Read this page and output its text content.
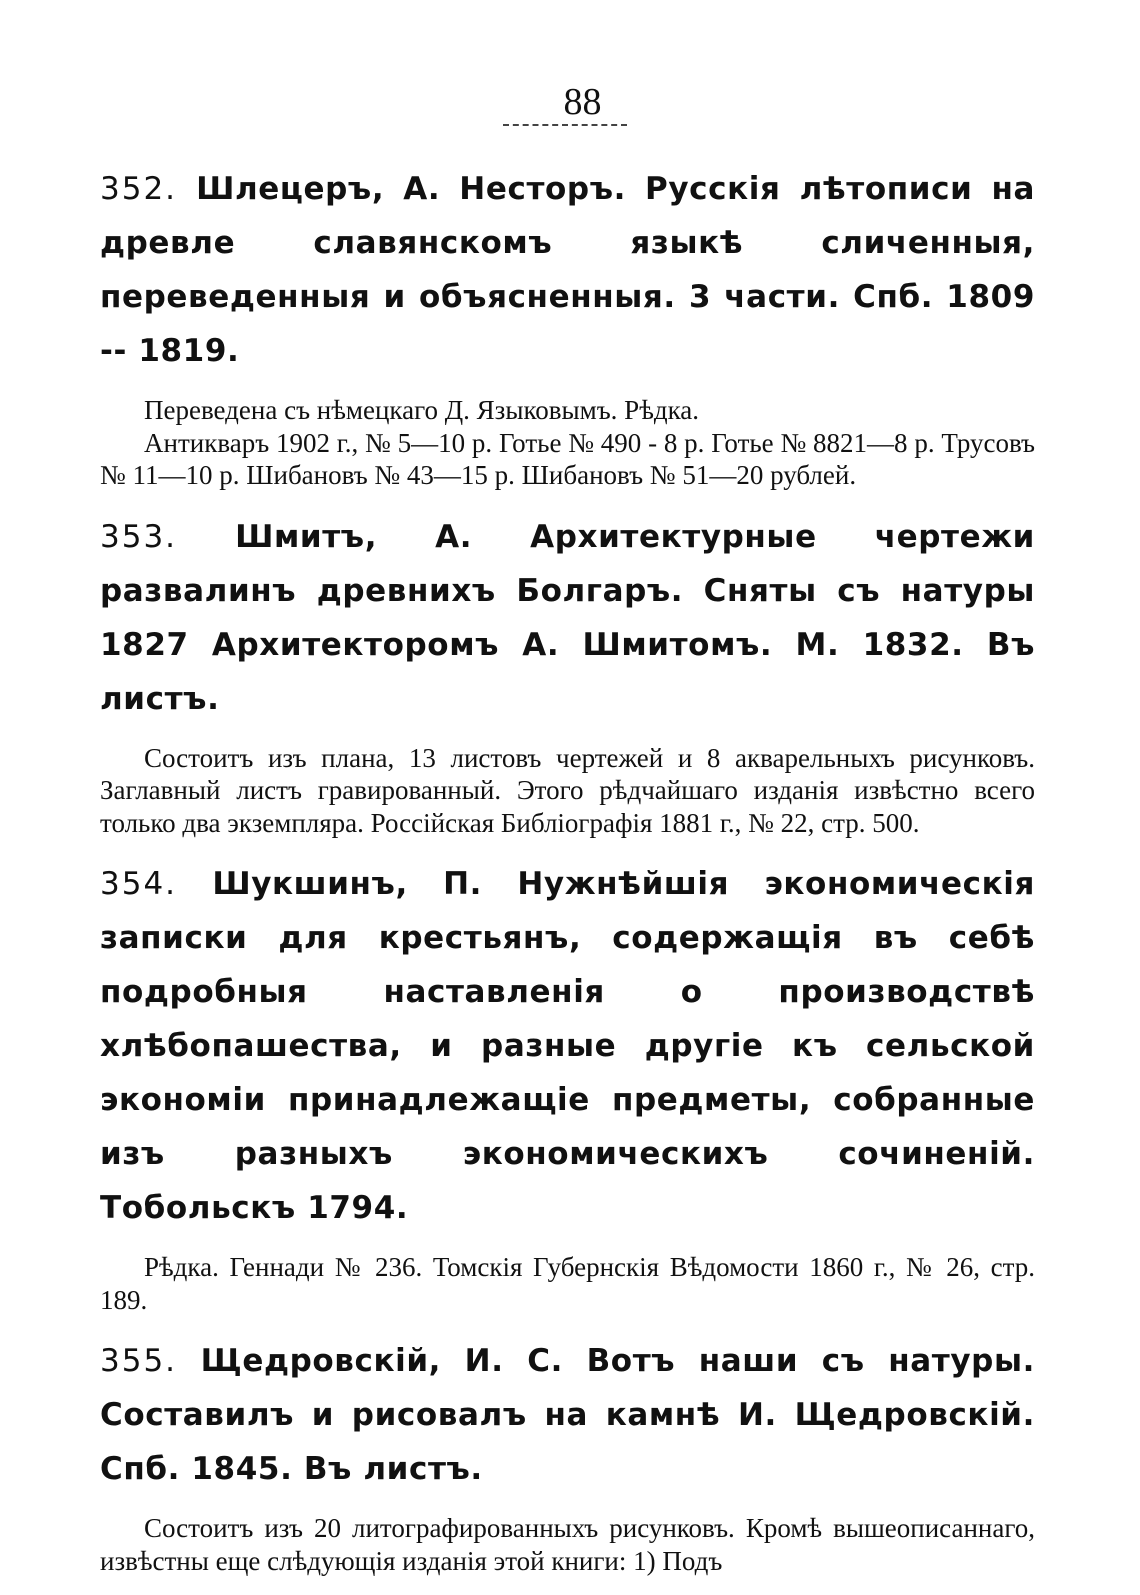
88

352. Шлецеръ, А. Несторъ. Русскія лѣтописи на древле славянскомъ языкѣ сличенныя, переведенныя и объясненныя. 3 части. Спб. 1809 -- 1819.

Переведена съ нѣмецкаго Д. Языковымъ. Рѣдка.

Антикваръ 1902 г., № 5—10 р. Готье № 490 - 8 р. Готье № 8821—8 р. Трусовъ № 11—10 р. Шибановъ № 43—15 р. Шибановъ № 51—20 рублей.

353. Шмитъ, А. Архитектурные чертежи развалинъ древнихъ Болгаръ. Сняты съ натуры 1827 Архитекторомъ А. Шмитомъ. М. 1832. Въ листъ.

Состоитъ изъ плана, 13 листовъ чертежей и 8 акварельныхъ рисунковъ. Заглавный листъ гравированный. Этого рѣдчайшаго изданія извѣстно всего только два экземпляра. Россійская Библіографія 1881 г., № 22, стр. 500.

354. Шукшинъ, П. Нужнѣйшія экономическія записки для крестьянъ, содержащія въ себѣ подробныя наставленія о производствѣ хлѣбопашества, и разные другіе къ сельской экономіи принадлежащіе предметы, собранные изъ разныхъ экономическихъ сочиненій. Тобольскъ 1794.

Рѣдка. Геннади № 236. Томскія Губернскія Вѣдомости 1860 г., № 26, стр. 189.

355. Щедровскій, И. С. Вотъ наши съ натуры. Составилъ и рисовалъ на камнѣ И. Щедровскій. Спб. 1845. Въ листъ.

Состоитъ изъ 20 литографированныхъ рисунковъ. Кромѣ вышеописаннаго, извѣстны еще слѣдующія изданія этой книги: 1) Подъ
